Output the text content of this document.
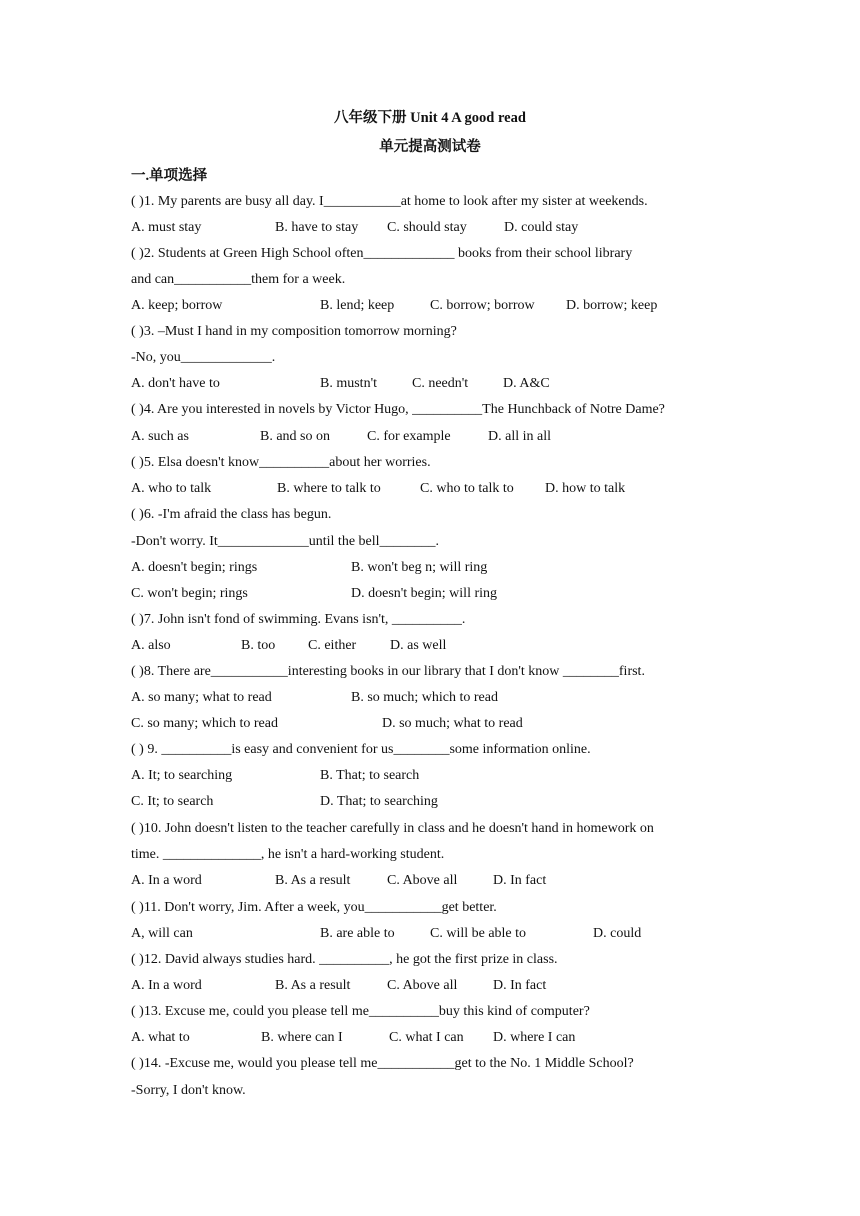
八年级下册 Unit 4 A good read
单元提高测试卷
一.单项选择
( )1. My parents are busy all day. I___________at home to look after my sister at weekends.
A. must stay	B. have to stay C. should stay	D. could stay
( )2. Students at Green High School often_____________ books from their school library
and can___________them for a week.
A. keep; borrow	B. lend; keep	C. borrow; borrow D. borrow; keep
( )3. –Must I hand in my composition tomorrow morning?
-No, you_____________.
A. don't have to	B. mustn't	C. needn't D. A&C
( )4. Are you interested in novels by Victor Hugo, __________The Hunchback of Notre Dame?
A. such as	B. and so on	C. for example	D. all in all
( )5. Elsa doesn't know__________about her worries.
A. who to talk	B. where to talk to	C. who to talk to D. how to talk
( )6. -I'm afraid the class has begun.
-Don't worry. It_____________until the bell________.
A. doesn't begin; rings	B. won't beg n; will ring
C. won't begin; rings	D. doesn't begin; will ring
( )7. John isn't fond of swimming. Evans isn't, __________.
A. also	B. too C. either D. as well
( )8. There are___________interesting books in our library that I don't know ________first.
A. so many; what to read	B. so much; which to read
C. so many; which to read	D. so much; what to read
( ) 9. __________is easy and convenient for us________some information online.
A. It; to searching	B. That; to search
C. It; to search	D. That; to searching
( )10. John doesn't listen to the teacher carefully in class and he doesn't hand in homework on
time. ______________, he isn't a hard-working student.
A. In a word	B. As a result	C. Above all	D. In fact
( )11. Don't worry, Jim. After a week, you___________get better.
A, will can	B. are able to	C. will be able to	D. could
( )12. David always studies hard. __________, he got the first prize in class.
A. In a word	B. As a result	C. Above all	D. In fact
( )13. Excuse me, could you please tell me__________buy this kind of computer?
A. what to	B. where can I	C. what I can D. where I can
( )14. -Excuse me, would you please tell me___________get to the No. 1 Middle School?
-Sorry, I don't know.
